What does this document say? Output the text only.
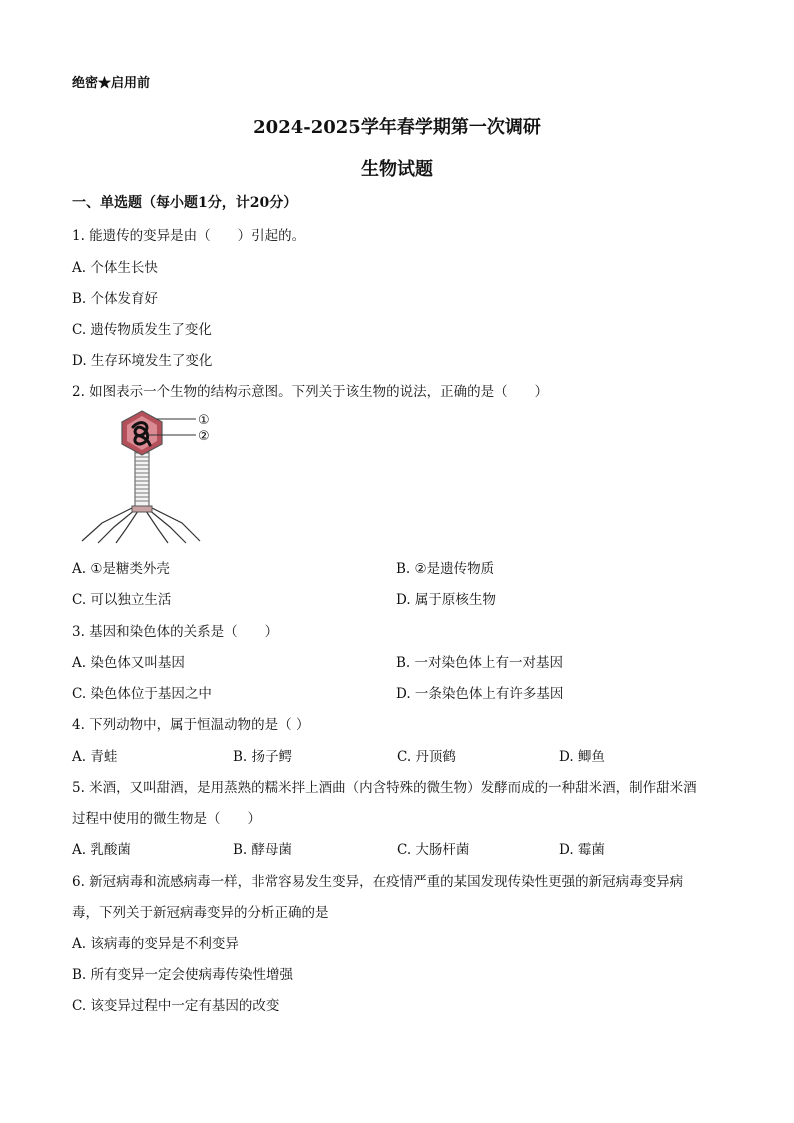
绝密★启用前
2024-2025学年春学期第一次调研
生物试题
一、单选题（每小题1分，计20分）
1. 能遗传的变异是由（　　）引起的。
A. 个体生长快
B. 个体发育好
C. 遗传物质发生了变化
D. 生存环境发生了变化
2. 如图表示一个生物的结构示意图。下列关于该生物的说法，正确的是（　　）
①
②
A. ①是糖类外壳	B. ②是遗传物质
C. 可以独立生活	D. 属于原核生物
3. 基因和染色体的关系是（　　）
A. 染色体又叫基因	B. 一对染色体上有一对基因
C. 染色体位于基因之中	D. 一条染色体上有许多基因
4. 下列动物中，属于恒温动物的是（ ）
A. 青蛙	B. 扬子鳄	C. 丹顶鹤	D. 鲫鱼
5. 米酒，又叫甜酒，是用蒸熟的糯米拌上酒曲（内含特殊的微生物）发酵而成的一种甜米酒，制作甜米酒
过程中使用的微生物是（　　）
A. 乳酸菌	B. 酵母菌	C. 大肠杆菌	D. 霉菌
6. 新冠病毒和流感病毒一样，非常容易发生变异，在疫情严重的某国发现传染性更强的新冠病毒变异病
毒，下列关于新冠病毒变异的分析正确的是
A. 该病毒的变异是不利变异
B. 所有变异一定会使病毒传染性增强
C. 该变异过程中一定有基因的改变
